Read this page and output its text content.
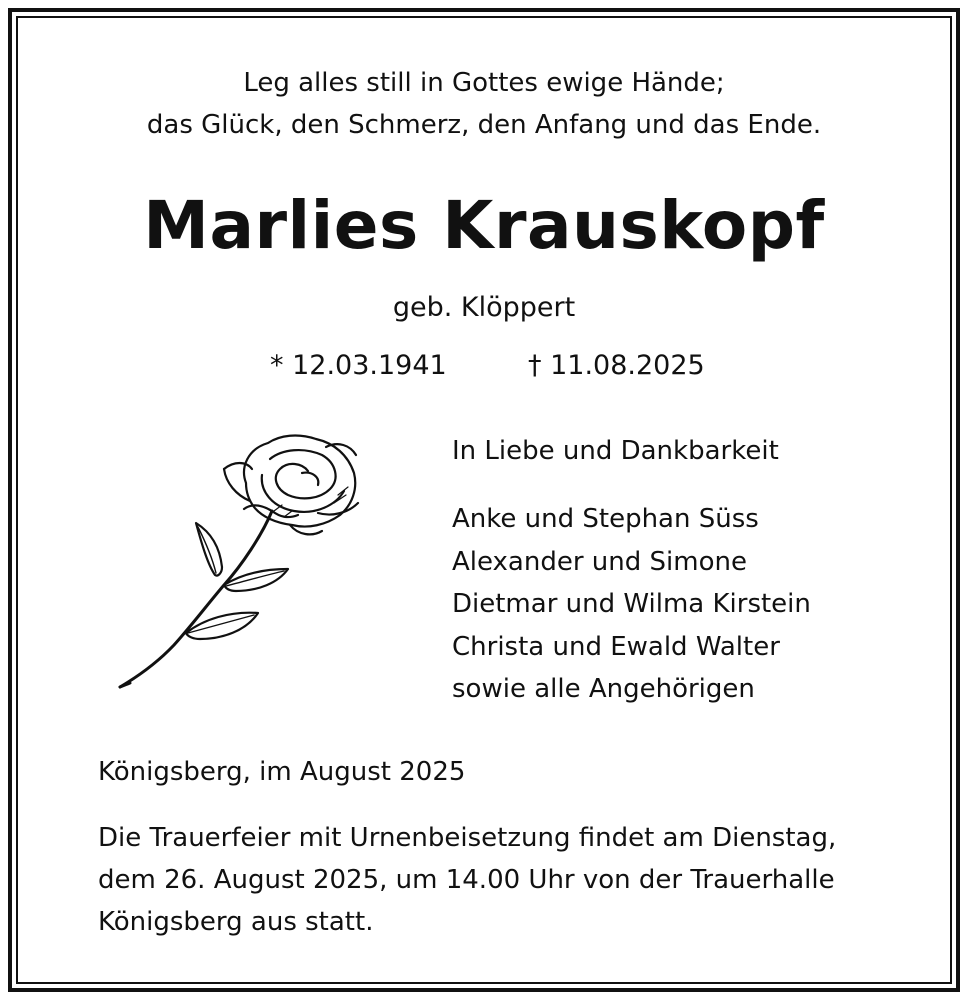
Leg alles still in Gottes ewige Hände;
das Glück, den Schmerz, den Anfang und das Ende.
Marlies Krauskopf
geb. Klöppert
* 12.03.1941	† 11.08.2025
In Liebe und Dankbarkeit
Anke und Stephan Süss
Alexander und Simone
Dietmar und Wilma Kirstein
Christa und Ewald Walter
sowie alle Angehörigen
Königsberg, im August 2025
Die Trauerfeier mit Urnenbeisetzung findet am Dienstag,
dem 26. August 2025, um 14.00 Uhr von der Trauerhalle
Königsberg aus statt.
